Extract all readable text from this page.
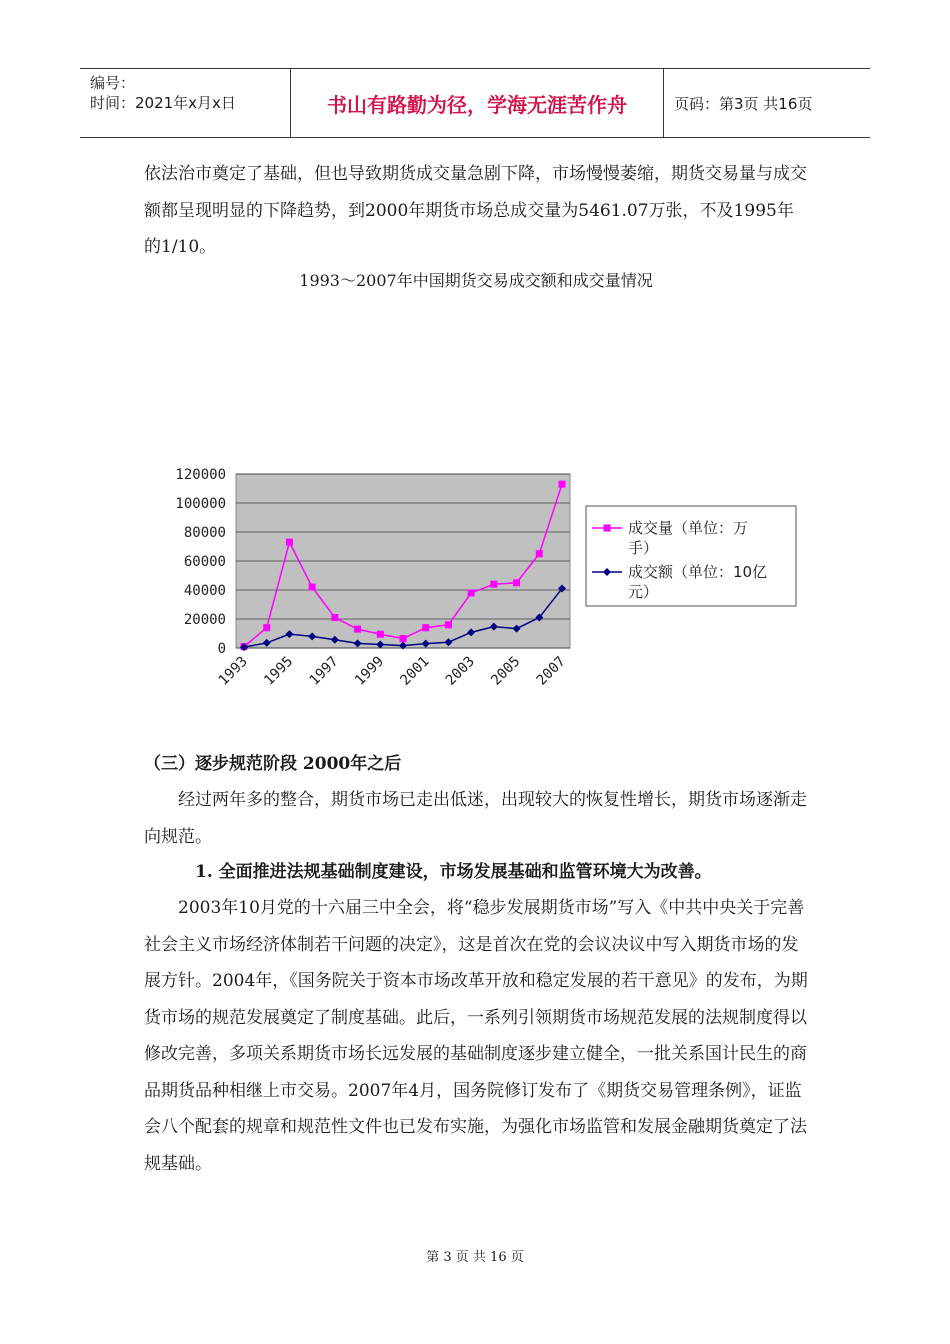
编号：
时间：2021年x月x日	书山有路勤为径，学海无涯苦作舟	页码：第3页 共16页

依法治市奠定了基础，但也导致期货成交量急剧下降，市场慢慢萎缩，期货交易量与成交额都呈现明显的下降趋势，到2000年期货市场总成交量为5461.07万张，不及1995年的1/10。

1993～2007年中国期货交易成交额和成交量情况
120000
100000
80000
60000
40000
20000
0
1993 1995 1997 1999 2001 2003 2005 2007
成交量（单位：万
手）
成交额（单位：10亿
元）

（三）逐步规范阶段 2000年之后

经过两年多的整合，期货市场已走出低迷，出现较大的恢复性增长，期货市场逐渐走向规范。

1. 全面推进法规基础制度建设，市场发展基础和监管环境大为改善。

2003年10月党的十六届三中全会，将“稳步发展期货市场”写入《中共中央关于完善社会主义市场经济体制若干问题的决定》，这是首次在党的会议决议中写入期货市场的发展方针。2004年，《国务院关于资本市场改革开放和稳定发展的若干意见》的发布，为期货市场的规范发展奠定了制度基础。此后，一系列引领期货市场规范发展的法规制度得以修改完善，多项关系期货市场长远发展的基础制度逐步建立健全，一批关系国计民生的商品期货品种相继上市交易。2007年4月，国务院修订发布了《期货交易管理条例》，证监会八个配套的规章和规范性文件也已发布实施，为强化市场监管和发展金融期货奠定了法规基础。

第 3 页 共 16 页
